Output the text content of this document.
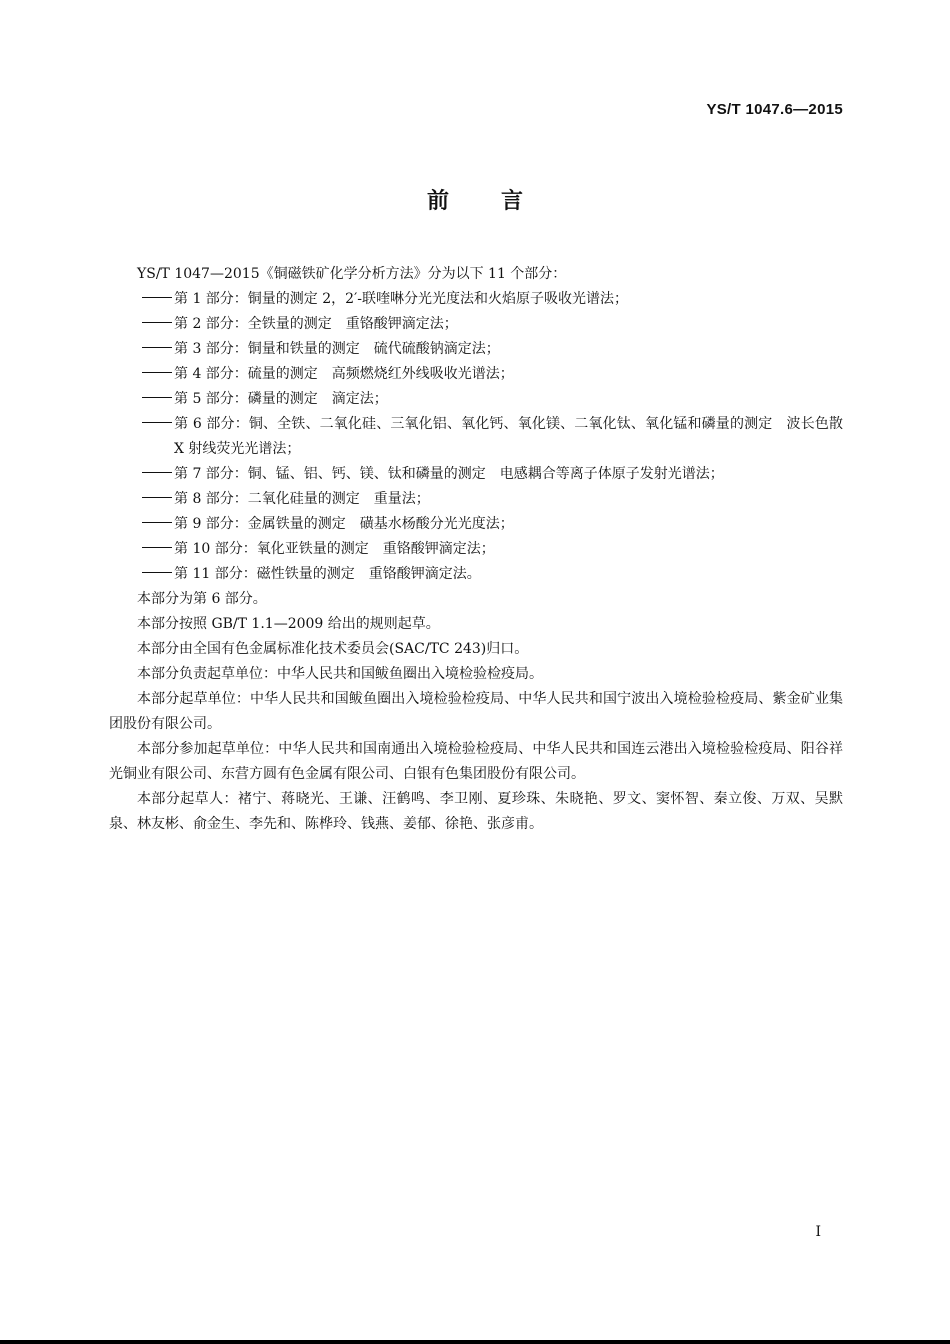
YS/T 1047.6—2015
前言

YS/T 1047—2015《铜磁铁矿化学分析方法》分为以下 11 个部分：

第 1 部分：铜量的测定 2，2′-联喹啉分光光度法和火焰原子吸收光谱法；

第 2 部分：全铁量的测定　重铬酸钾滴定法；

第 3 部分：铜量和铁量的测定　硫代硫酸钠滴定法；

第 4 部分：硫量的测定　高频燃烧红外线吸收光谱法；

第 5 部分：磷量的测定　滴定法；

第 6 部分：铜、全铁、二氧化硅、三氧化铝、氧化钙、氧化镁、二氧化钛、氧化锰和磷量的测定　波长色散 X 射线荧光光谱法；

第 7 部分：铜、锰、铝、钙、镁、钛和磷量的测定　电感耦合等离子体原子发射光谱法；

第 8 部分：二氧化硅量的测定　重量法；

第 9 部分：金属铁量的测定　磺基水杨酸分光光度法；

第 10 部分：氧化亚铁量的测定　重铬酸钾滴定法；

第 11 部分：磁性铁量的测定　重铬酸钾滴定法。

本部分为第 6 部分。

本部分按照 GB/T 1.1—2009 给出的规则起草。

本部分由全国有色金属标准化技术委员会(SAC/TC 243)归口。

本部分负责起草单位：中华人民共和国鲅鱼圈出入境检验检疫局。

本部分起草单位：中华人民共和国鲅鱼圈出入境检验检疫局、中华人民共和国宁波出入境检验检疫局、紫金矿业集团股份有限公司。

本部分参加起草单位：中华人民共和国南通出入境检验检疫局、中华人民共和国连云港出入境检验检疫局、阳谷祥光铜业有限公司、东营方圆有色金属有限公司、白银有色集团股份有限公司。

本部分起草人：褚宁、蒋晓光、王谦、汪鹤鸣、李卫刚、夏珍珠、朱晓艳、罗文、窦怀智、秦立俊、万双、吴默泉、林友彬、俞金生、李先和、陈桦玲、钱燕、姜郁、徐艳、张彦甫。

I
